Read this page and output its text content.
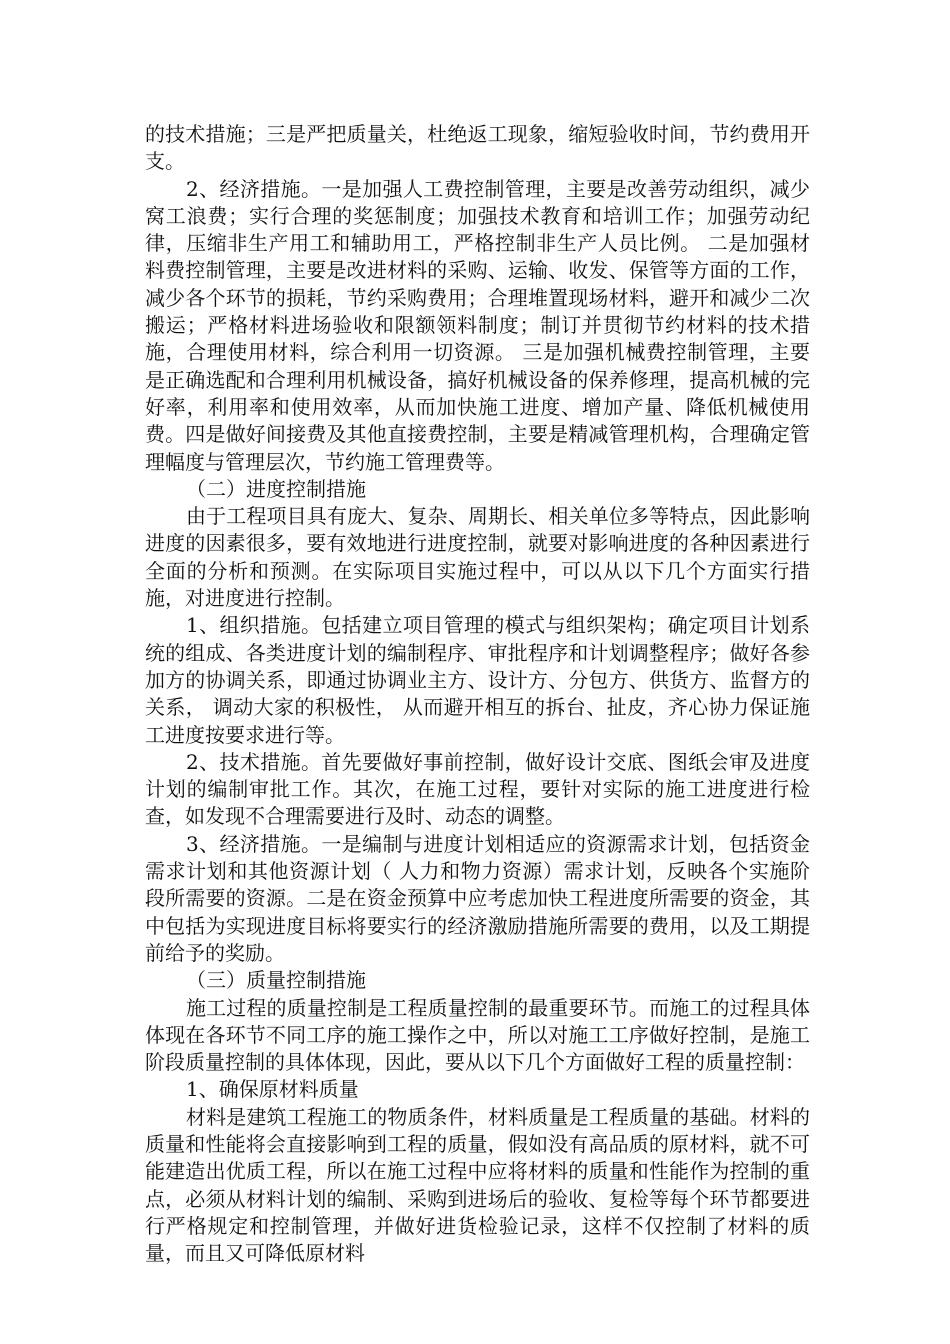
的技术措施；三是严把质量关，杜绝返工现象，缩短验收时间，节约费用开支。

2、经济措施。一是加强人工费控制管理，主要是改善劳动组织，减少窝工浪费；实行合理的奖惩制度；加强技术教育和培训工作；加强劳动纪律，压缩非生产用工和辅助用工，严格控制非生产人员比例。 二是加强材料费控制管理，主要是改进材料的采购、运输、收发、保管等方面的工作，减少各个环节的损耗，节约采购费用；合理堆置现场材料，避开和减少二次搬运；严格材料进场验收和限额领料制度；制订并贯彻节约材料的技术措施，合理使用材料，综合利用一切资源。 三是加强机械费控制管理，主要是正确选配和合理利用机械设备，搞好机械设备的保养修理，提高机械的完好率，利用率和使用效率，从而加快施工进度、增加产量、降低机械使用费。四是做好间接费及其他直接费控制，主要是精减管理机构，合理确定管理幅度与管理层次，节约施工管理费等。

（二）进度控制措施

由于工程项目具有庞大、复杂、周期长、相关单位多等特点，因此影响进度的因素很多，要有效地进行进度控制，就要对影响进度的各种因素进行全面的分析和预测。在实际项目实施过程中，可以从以下几个方面实行措施，对进度进行控制。

1、组织措施。包括建立项目管理的模式与组织架构；确定项目计划系统的组成、各类进度计划的编制程序、审批程序和计划调整程序；做好各参加方的协调关系，即通过协调业主方、设计方、分包方、供货方、监督方的关系， 调动大家的积极性， 从而避开相互的拆台、扯皮，齐心协力保证施工进度按要求进行等。

2、技术措施。首先要做好事前控制，做好设计交底、图纸会审及进度计划的编制审批工作。其次，在施工过程，要针对实际的施工进度进行检查，如发现不合理需要进行及时、动态的调整。

3、经济措施。一是编制与进度计划相适应的资源需求计划，包括资金需求计划和其他资源计划（ 人力和物力资源）需求计划，反映各个实施阶段所需要的资源。二是在资金预算中应考虑加快工程进度所需要的资金，其中包括为实现进度目标将要实行的经济激励措施所需要的费用，以及工期提前给予的奖励。

（三）质量控制措施

施工过程的质量控制是工程质量控制的最重要环节。而施工的过程具体体现在各环节不同工序的施工操作之中，所以对施工工序做好控制，是施工阶段质量控制的具体体现，因此，要从以下几个方面做好工程的质量控制：

1、确保原材料质量

材料是建筑工程施工的物质条件，材料质量是工程质量的基础。材料的质量和性能将会直接影响到工程的质量，假如没有高品质的原材料，就不可能建造出优质工程，所以在施工过程中应将材料的质量和性能作为控制的重点，必须从材料计划的编制、采购到进场后的验收、复检等每个环节都要进行严格规定和控制管理，并做好进货检验记录，这样不仅控制了材料的质量，而且又可降低原材料
